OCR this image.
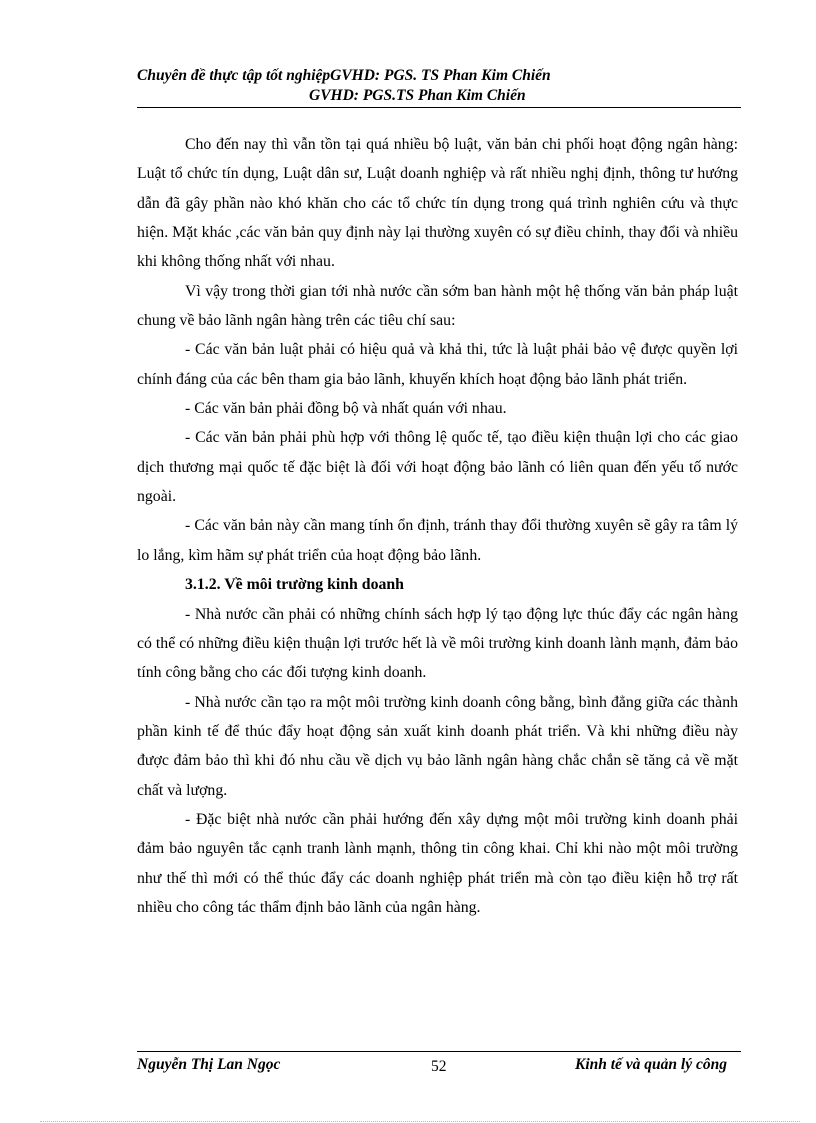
Chuyên đề thực tập tốt nghiệpGVHD: PGS. TS Phan Kim Chiến
GVHD: PGS.TS Phan Kim Chiến

Cho đến nay thì vẫn tồn tại quá nhiều bộ luật, văn bản chi phối hoạt động ngân hàng: Luật tổ chức tín dụng, Luật dân sư, Luật doanh nghiệp và rất nhiều nghị định, thông tư hướng dẫn đã gây phần nào khó khăn cho các tổ chức tín dụng trong quá trình nghiên cứu và thực hiện. Mặt khác ,các văn bản quy định này lại thường xuyên có sự điều chỉnh, thay đổi và nhiều khi không thống nhất với nhau.

Vì vậy trong thời gian tới nhà nước cần sớm ban hành một hệ thống văn bản pháp luật chung về bảo lãnh ngân hàng trên các tiêu chí sau:

- Các văn bản luật phải có hiệu quả và khả thi, tức là luật phải bảo vệ được quyền lợi chính đáng của các bên tham gia bảo lãnh, khuyến khích hoạt động bảo lãnh phát triển.

- Các văn bản phải đồng bộ và nhất quán với nhau.

- Các văn bản phải phù hợp với thông lệ quốc tế, tạo điều kiện thuận lợi cho các giao dịch thương mại quốc tế đặc biệt là đối với hoạt động bảo lãnh có liên quan đến yếu tố nước ngoài.

- Các văn bản này cần mang tính ổn định, tránh thay đổi thường xuyên sẽ gây ra tâm lý lo lắng, kìm hãm sự phát triển của hoạt động bảo lãnh.

3.1.2. Về môi trường kinh doanh

- Nhà nước cần phải có những chính sách hợp lý tạo động lực thúc đẩy các ngân hàng có thể có những điều kiện thuận lợi trước hết là về môi trường kinh doanh lành mạnh, đảm bảo tính công bằng cho các đối tượng kinh doanh.

- Nhà nước cần tạo ra một môi trường kinh doanh công bằng, bình đẳng giữa các thành phần kinh tế để thúc đẩy hoạt động sản xuất kinh doanh phát triển. Và khi những điều này được đảm bảo thì khi đó nhu cầu về dịch vụ bảo lãnh ngân hàng chắc chắn sẽ tăng cả về mặt chất và lượng.

- Đặc biệt nhà nước cần phải hướng đến xây dựng một môi trường kinh doanh phải đảm bảo nguyên tắc cạnh tranh lành mạnh, thông tin công khai. Chỉ khi nào một môi trường như thế thì mới có thể thúc đẩy các doanh nghiệp phát triển mà còn tạo điều kiện hỗ trợ rất nhiều cho công tác thẩm định bảo lãnh của ngân hàng.

Nguyễn Thị Lan Ngọc	52	Kinh tế và quản lý công
